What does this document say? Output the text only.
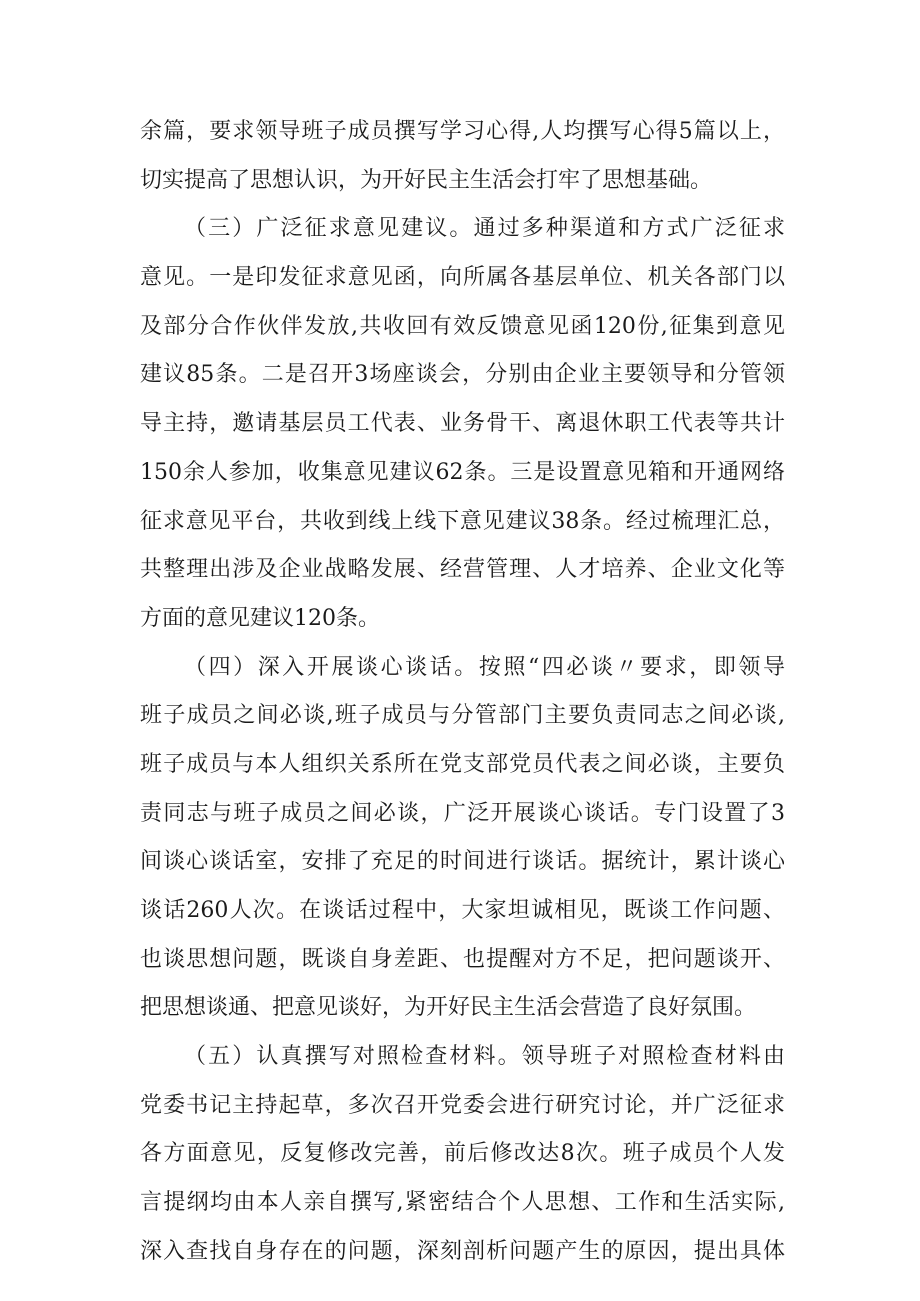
余篇，要求领导班子成员撰写学习心得,人均撰写心得5篇以上，
切实提高了思想认识，为开好民主生活会打牢了思想基础。
（三）广泛征求意见建议。通过多种渠道和方式广泛征求
意见。一是印发征求意见函，向所属各基层单位、机关各部门以
及部分合作伙伴发放,共收回有效反馈意见函120份,征集到意见
建议85条。二是召开3场座谈会，分别由企业主要领导和分管领
导主持，邀请基层员工代表、业务骨干、离退休职工代表等共计
150余人参加，收集意见建议62条。三是设置意见箱和开通网络
征求意见平台，共收到线上线下意见建议38条。经过梳理汇总，
共整理出涉及企业战略发展、经营管理、人才培养、企业文化等
方面的意见建议120条。
（四）深入开展谈心谈话。按照“四必谈〃要求，即领导
班子成员之间必谈,班子成员与分管部门主要负责同志之间必谈,
班子成员与本人组织关系所在党支部党员代表之间必谈，主要负
责同志与班子成员之间必谈，广泛开展谈心谈话。专门设置了3
间谈心谈话室，安排了充足的时间进行谈话。据统计，累计谈心
谈话260人次。在谈话过程中，大家坦诚相见，既谈工作问题、
也谈思想问题，既谈自身差距、也提醒对方不足，把问题谈开、
把思想谈通、把意见谈好，为开好民主生活会营造了良好氛围。
（五）认真撰写对照检查材料。领导班子对照检查材料由
党委书记主持起草，多次召开党委会进行研究讨论，并广泛征求
各方面意见，反复修改完善，前后修改达8次。班子成员个人发
言提纲均由本人亲自撰写,紧密结合个人思想、工作和生活实际,
深入查找自身存在的问题，深刻剖析问题产生的原因，提出具体
